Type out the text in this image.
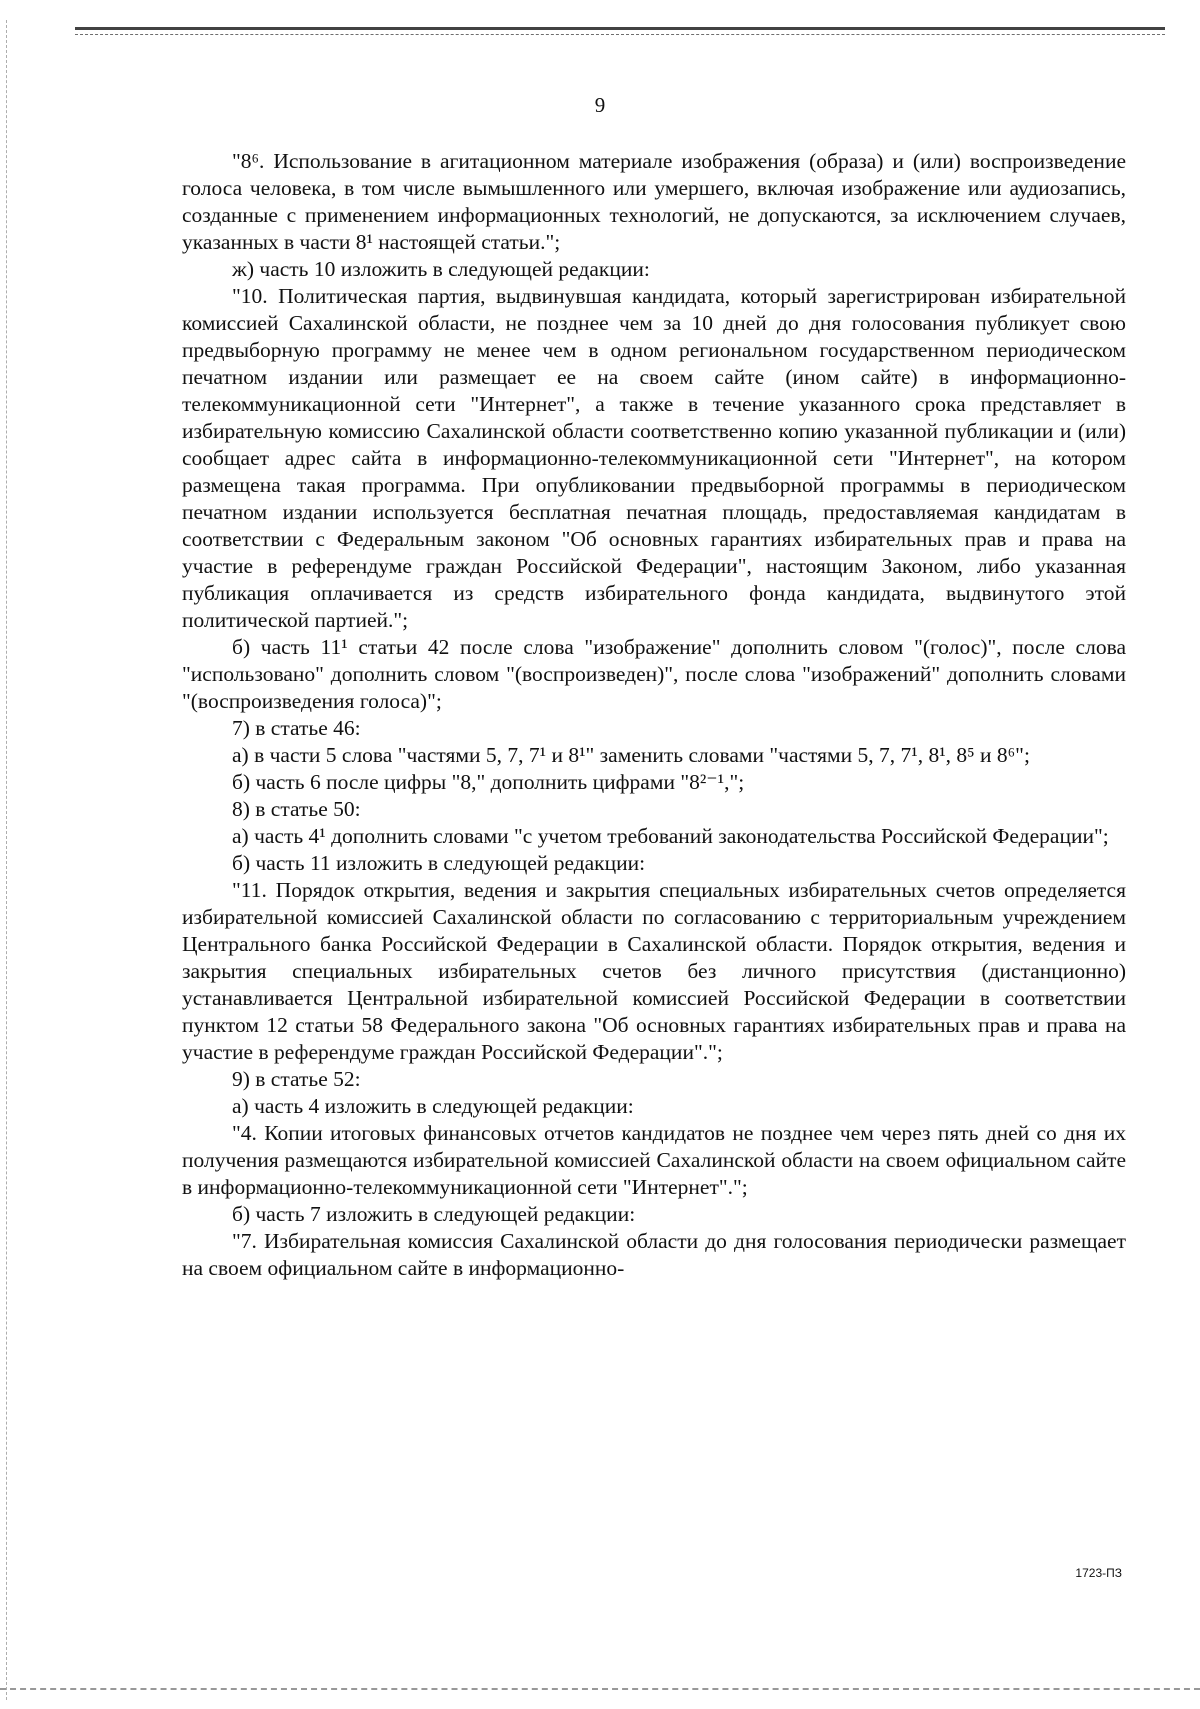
9

"8⁶. Использование в агитационном материале изображения (образа) и (или) воспроизведение голоса человека, в том числе вымышленного или умершего, включая изображение или аудиозапись, созданные с применением информационных технологий, не допускаются, за исключением случаев, указанных в части 8¹ настоящей статьи.";

ж) часть 10 изложить в следующей редакции:

"10. Политическая партия, выдвинувшая кандидата, который зарегистрирован избирательной комиссией Сахалинской области, не позднее чем за 10 дней до дня голосования публикует свою предвыборную программу не менее чем в одном региональном государственном периодическом печатном издании или размещает ее на своем сайте (ином сайте) в информационно-телекоммуникационной сети "Интернет", а также в течение указанного срока представляет в избирательную комиссию Сахалинской области соответственно копию указанной публикации и (или) сообщает адрес сайта в информационно-телекоммуникационной сети "Интернет", на котором размещена такая программа. При опубликовании предвыборной программы в периодическом печатном издании используется бесплатная печатная площадь, предоставляемая кандидатам в соответствии с Федеральным законом "Об основных гарантиях избирательных прав и права на участие в референдуме граждан Российской Федерации", настоящим Законом, либо указанная публикация оплачивается из средств избирательного фонда кандидата, выдвинутого этой политической партией.";

б) часть 11¹ статьи 42 после слова "изображение" дополнить словом "(голос)", после слова "использовано" дополнить словом "(воспроизведен)", после слова "изображений" дополнить словами "(воспроизведения голоса)";

7) в статье 46:

а) в части 5 слова "частями 5, 7, 7¹ и 8¹" заменить словами "частями 5, 7, 7¹, 8¹, 8⁵ и 8⁶";

б) часть 6 после цифры "8," дополнить цифрами "8²⁻¹,";

8) в статье 50:

а) часть 4¹ дополнить словами "с учетом требований законодательства Российской Федерации";

б) часть 11 изложить в следующей редакции:

"11. Порядок открытия, ведения и закрытия специальных избирательных счетов определяется избирательной комиссией Сахалинской области по согласованию с территориальным учреждением Центрального банка Российской Федерации в Сахалинской области. Порядок открытия, ведения и закрытия специальных избирательных счетов без личного присутствия (дистанционно) устанавливается Центральной избирательной комиссией Российской Федерации в соответствии пунктом 12 статьи 58 Федерального закона "Об основных гарантиях избирательных прав и права на участие в референдуме граждан Российской Федерации".";

9) в статье 52:

а) часть 4 изложить в следующей редакции:

"4. Копии итоговых финансовых отчетов кандидатов не позднее чем через пять дней со дня их получения размещаются избирательной комиссией Сахалинской области на своем официальном сайте в информационно-телекоммуникационной сети "Интернет".";

б) часть 7 изложить в следующей редакции:

"7. Избирательная комиссия Сахалинской области до дня голосования периодически размещает на своем официальном сайте в информационно-

1723-ПЗ
